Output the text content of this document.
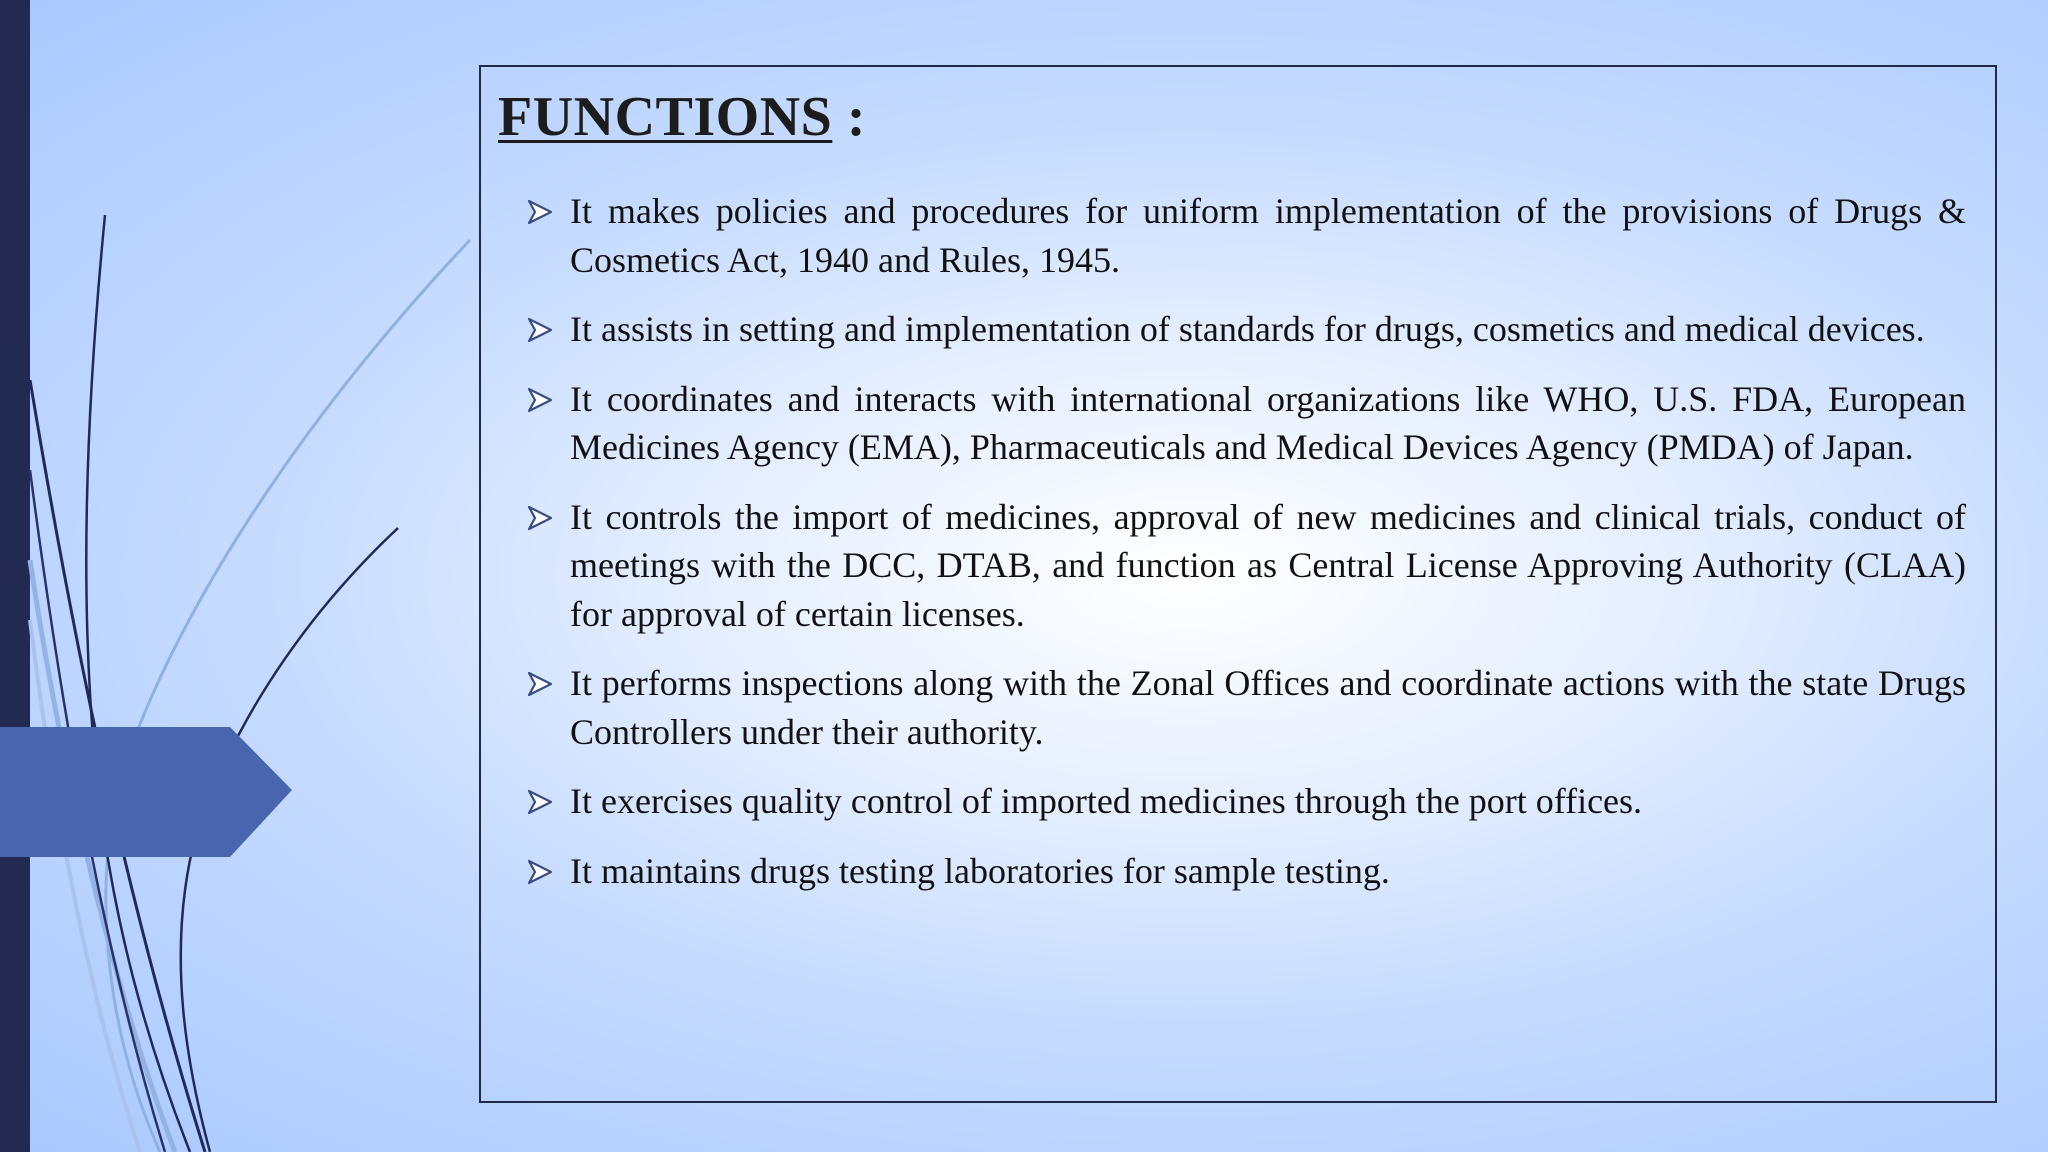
FUNCTIONS :
It makes policies and procedures for uniform implementation of the provisions of Drugs & Cosmetics Act, 1940 and Rules, 1945.
It assists in setting and implementation of standards for drugs, cosmetics and medical devices.
It coordinates and interacts with international organizations like WHO, U.S. FDA, European Medicines Agency (EMA), Pharmaceuticals and Medical Devices Agency (PMDA) of Japan.
It controls the import of medicines, approval of new medicines and clinical trials, conduct of meetings with the DCC, DTAB, and function as Central License Approving Authority (CLAA) for approval of certain licenses.
It performs inspections along with the Zonal Offices and coordinate actions with the state Drugs Controllers under their authority.
It exercises quality control of imported medicines through the port offices.
It maintains drugs testing laboratories for sample testing.
